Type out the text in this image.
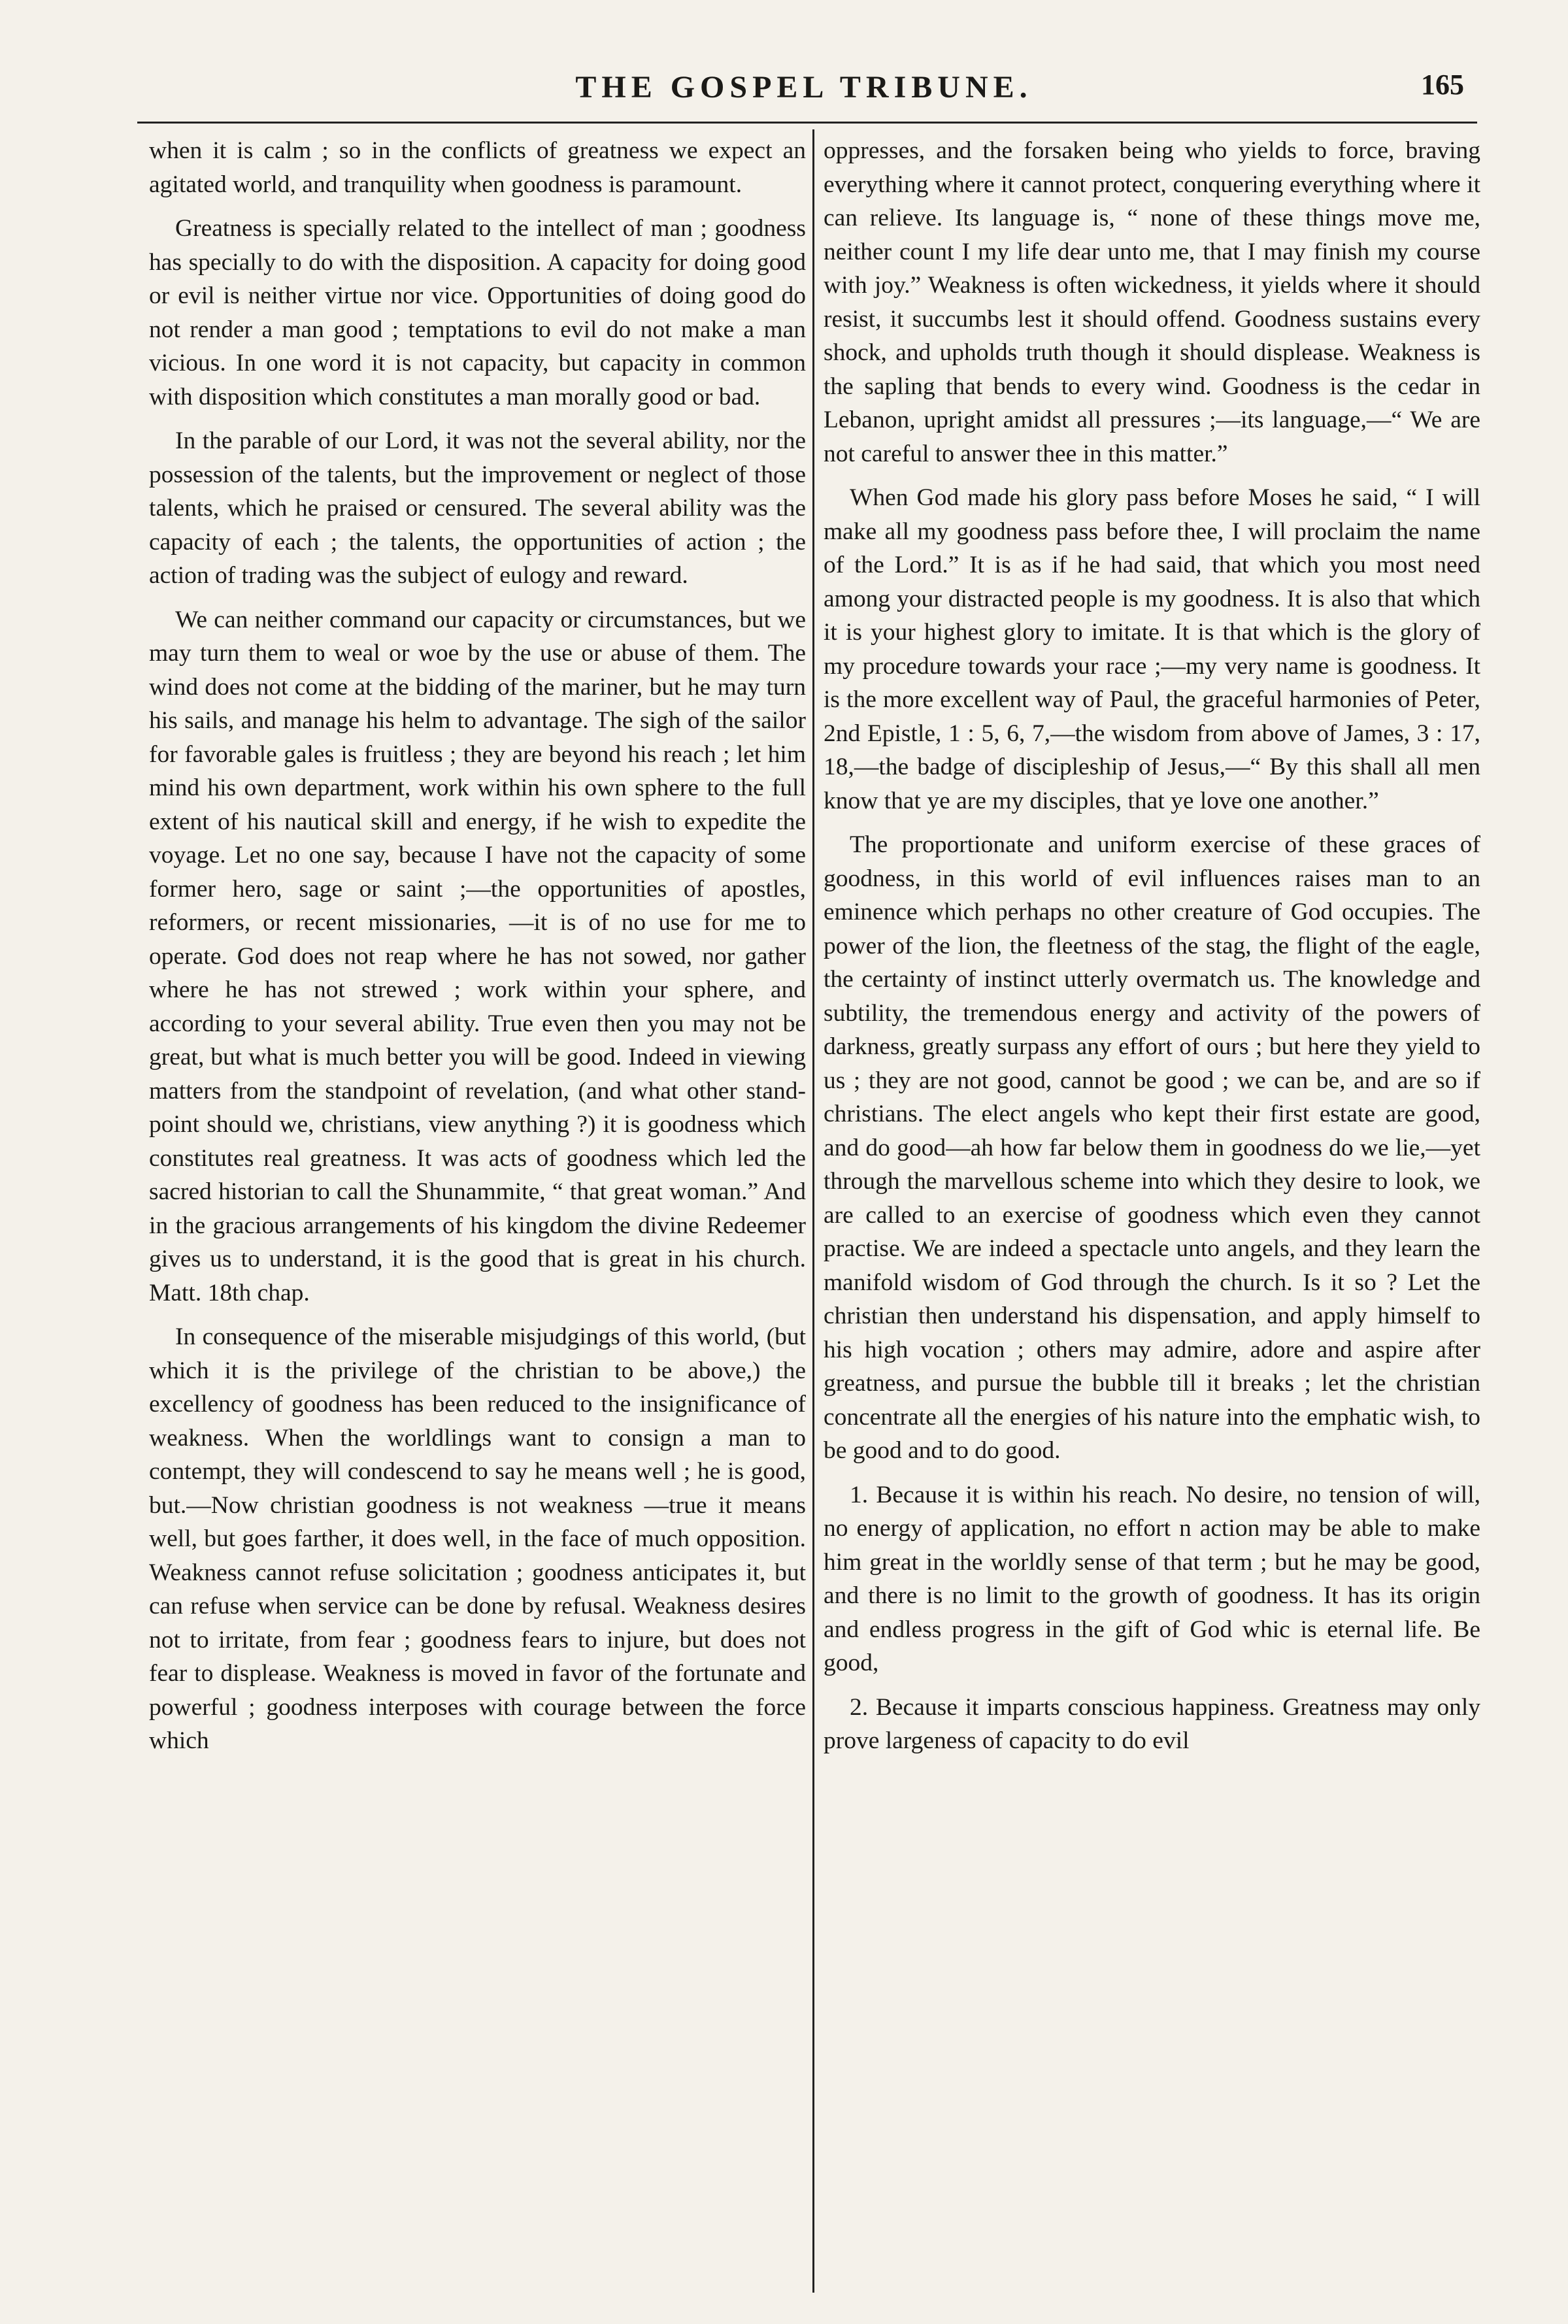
THE GOSPEL TRIBUNE.	165

when it is calm ; so in the conflicts of greatness we expect an agitated world, and tranquility when goodness is paramount.

Greatness is specially related to the intellect of man ; goodness has specially to do with the disposition. A capacity for doing good or evil is neither virtue nor vice. Opportunities of doing good do not render a man good ; temptations to evil do not make a man vicious. In one word it is not capacity, but capacity in common with disposition which constitutes a man morally good or bad.

In the parable of our Lord, it was not the several ability, nor the possession of the talents, but the improvement or neglect of those talents, which he praised or censured. The several ability was the capacity of each ; the talents, the opportunities of action ; the action of trading was the subject of eulogy and reward.

We can neither command our capacity or circumstances, but we may turn them to weal or woe by the use or abuse of them. The wind does not come at the bidding of the mariner, but he may turn his sails, and manage his helm to advantage. The sigh of the sailor for favorable gales is fruitless ; they are beyond his reach ; let him mind his own department, work within his own sphere to the full extent of his nautical skill and energy, if he wish to expedite the voyage. Let no one say, because I have not the capacity of some former hero, sage or saint ;—the opportunities of apostles, reformers, or recent missionaries, —it is of no use for me to operate. God does not reap where he has not sowed, nor gather where he has not strewed ; work within your sphere, and according to your several ability. True even then you may not be great, but what is much better you will be good. Indeed in viewing matters from the standpoint of revelation, (and what other stand-point should we, christians, view anything ?) it is goodness which constitutes real greatness. It was acts of goodness which led the sacred historian to call the Shunammite, “ that great woman.” And in the gracious arrangements of his kingdom the divine Redeemer gives us to understand, it is the good that is great in his church. Matt. 18th chap.

In consequence of the miserable misjudgings of this world, (but which it is the privilege of the christian to be above,) the excellency of goodness has been reduced to the insignificance of weakness. When the worldlings want to consign a man to contempt, they will condescend to say he means well ; he is good, but.—Now christian goodness is not weakness —true it means well, but goes farther, it does well, in the face of much opposition. Weakness cannot refuse solicitation ; goodness anticipates it, but can refuse when service can be done by refusal. Weakness desires not to irritate, from fear ; goodness fears to injure, but does not fear to displease. Weakness is moved in favor of the fortunate and powerful ; goodness interposes with courage between the force which

oppresses, and the forsaken being who yields to force, braving everything where it cannot protect, conquering everything where it can relieve. Its language is, “ none of these things move me, neither count I my life dear unto me, that I may finish my course with joy.” Weakness is often wickedness, it yields where it should resist, it succumbs lest it should offend. Goodness sustains every shock, and upholds truth though it should displease. Weakness is the sapling that bends to every wind. Goodness is the cedar in Lebanon, upright amidst all pressures ;—its language,—“ We are not careful to answer thee in this matter.”

When God made his glory pass before Moses he said, “ I will make all my goodness pass before thee, I will proclaim the name of the Lord.” It is as if he had said, that which you most need among your distracted people is my goodness. It is also that which it is your highest glory to imitate. It is that which is the glory of my procedure towards your race ;—my very name is goodness. It is the more excellent way of Paul, the graceful harmonies of Peter, 2nd Epistle, 1 : 5, 6, 7,—the wisdom from above of James, 3 : 17, 18,—the badge of discipleship of Jesus,—“ By this shall all men know that ye are my disciples, that ye love one another.”

The proportionate and uniform exercise of these graces of goodness, in this world of evil influences raises man to an eminence which perhaps no other creature of God occupies. The power of the lion, the fleetness of the stag, the flight of the eagle, the certainty of instinct utterly overmatch us. The knowledge and subtility, the tremendous energy and activity of the powers of darkness, greatly surpass any effort of ours ; but here they yield to us ; they are not good, cannot be good ; we can be, and are so if christians. The elect angels who kept their first estate are good, and do good—ah how far below them in goodness do we lie,—yet through the marvellous scheme into which they desire to look, we are called to an exercise of goodness which even they cannot practise. We are indeed a spectacle unto angels, and they learn the manifold wisdom of God through the church. Is it so ? Let the christian then understand his dispensation, and apply himself to his high vocation ; others may admire, adore and aspire after greatness, and pursue the bubble till it breaks ; let the christian concentrate all the energies of his nature into the emphatic wish, to be good and to do good.

1. Because it is within his reach. No desire, no tension of will, no energy of application, no effort n action may be able to make him great in the worldly sense of that term ; but he may be good, and there is no limit to the growth of goodness. It has its origin and endless progress in the gift of God whic is eternal life. Be good,

2. Because it imparts conscious happiness. Greatness may only prove largeness of capacity to do evil
